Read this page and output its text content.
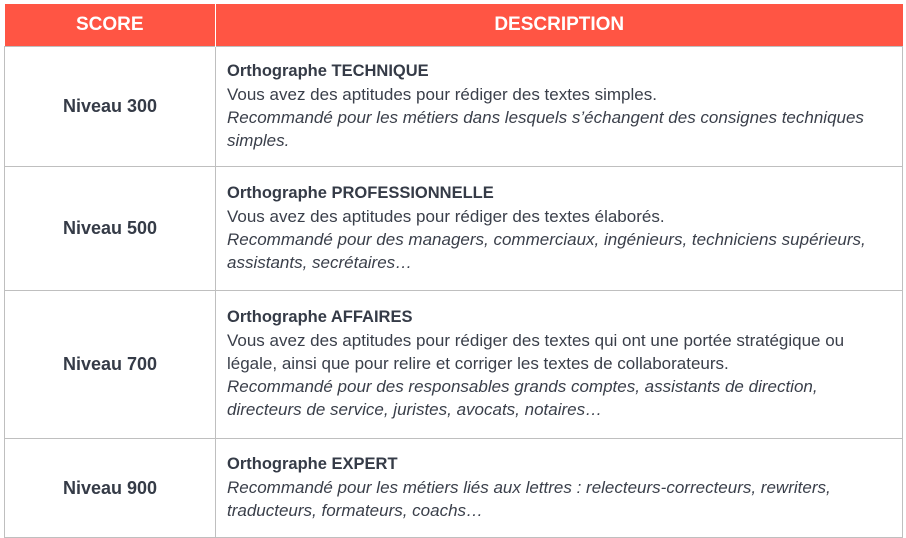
SCORE	DESCRIPTION
Niveau 300	Orthographe TECHNIQUE
Vous avez des aptitudes pour rédiger des textes simples.
Recommandé pour les métiers dans lesquels s’échangent des consignes techniques simples.

Niveau 500	Orthographe PROFESSIONNELLE
Vous avez des aptitudes pour rédiger des textes élaborés.
Recommandé pour des managers, commerciaux, ingénieurs, techniciens supérieurs, assistants, secrétaires…

Niveau 700	Orthographe AFFAIRES
Vous avez des aptitudes pour rédiger des textes qui ont une portée stratégique ou légale, ainsi que pour relire et corriger les textes de collaborateurs.
Recommandé pour des responsables grands comptes, assistants de direction, directeurs de service, juristes, avocats, notaires…

Niveau 900	Orthographe EXPERT
Recommandé pour les métiers liés aux lettres : relecteurs-correcteurs, rewriters, traducteurs, formateurs, coachs…
